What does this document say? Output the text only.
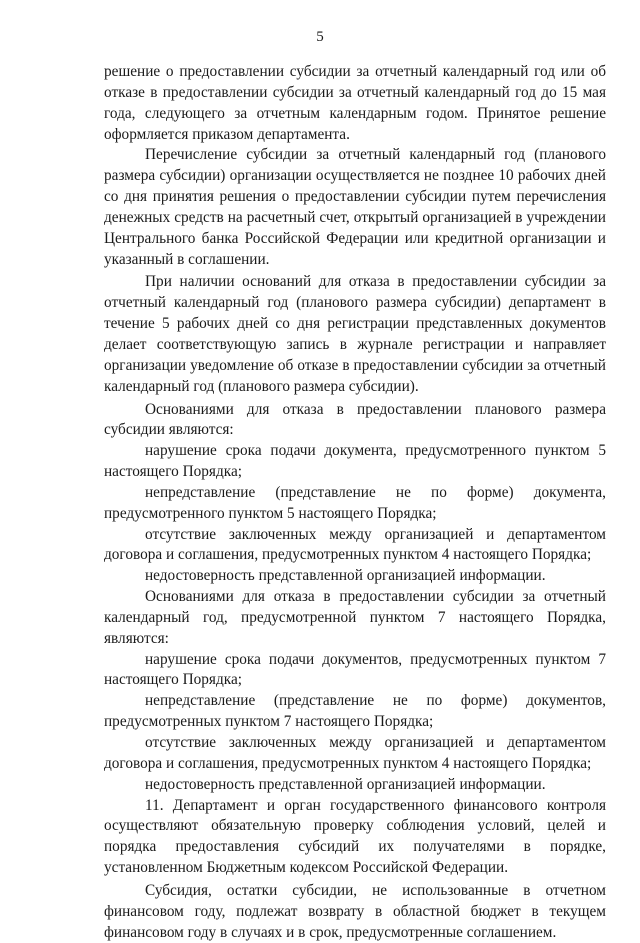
5

решение о предоставлении субсидии за отчетный календарный год или об отказе в предоставлении субсидии за отчетный календарный год до 15 мая года, следующего за отчетным календарным годом. Принятое решение оформляется приказом департамента.

Перечисление субсидии за отчетный календарный год (планового размера субсидии) организации осуществляется не позднее 10 рабочих дней со дня принятия решения о предоставлении субсидии путем перечисления денежных средств на расчетный счет, открытый организацией в учреждении Центрального банка Российской Федерации или кредитной организации и указанный в соглашении.

При наличии оснований для отказа в предоставлении субсидии за отчетный календарный год (планового размера субсидии) департамент в течение 5 рабочих дней со дня регистрации представленных документов делает соответствующую запись в журнале регистрации и направляет организации уведомление об отказе в предоставлении субсидии за отчетный календарный год (планового размера субсидии).

Основаниями для отказа в предоставлении планового размера субсидии являются:

нарушение срока подачи документа, предусмотренного пунктом 5 настоящего Порядка;

непредставление (представление не по форме) документа, предусмотренного пунктом 5 настоящего Порядка;

отсутствие заключенных между организацией и департаментом договора и соглашения, предусмотренных пунктом 4 настоящего Порядка;

недостоверность представленной организацией информации.

Основаниями для отказа в предоставлении субсидии за отчетный календарный год, предусмотренной пунктом 7 настоящего Порядка, являются:

нарушение срока подачи документов, предусмотренных пунктом 7 настоящего Порядка;

непредставление (представление не по форме) документов, предусмотренных пунктом 7 настоящего Порядка;

отсутствие заключенных между организацией и департаментом договора и соглашения, предусмотренных пунктом 4 настоящего Порядка;

недостоверность представленной организацией информации.

11. Департамент и орган государственного финансового контроля осуществляют обязательную проверку соблюдения условий, целей и порядка предоставления субсидий их получателями в порядке, установленном Бюджетным кодексом Российской Федерации.

Субсидия, остатки субсидии, не использованные в отчетном финансовом году, подлежат возврату в областной бюджет в текущем финансовом году в случаях и в срок, предусмотренные соглашением.
